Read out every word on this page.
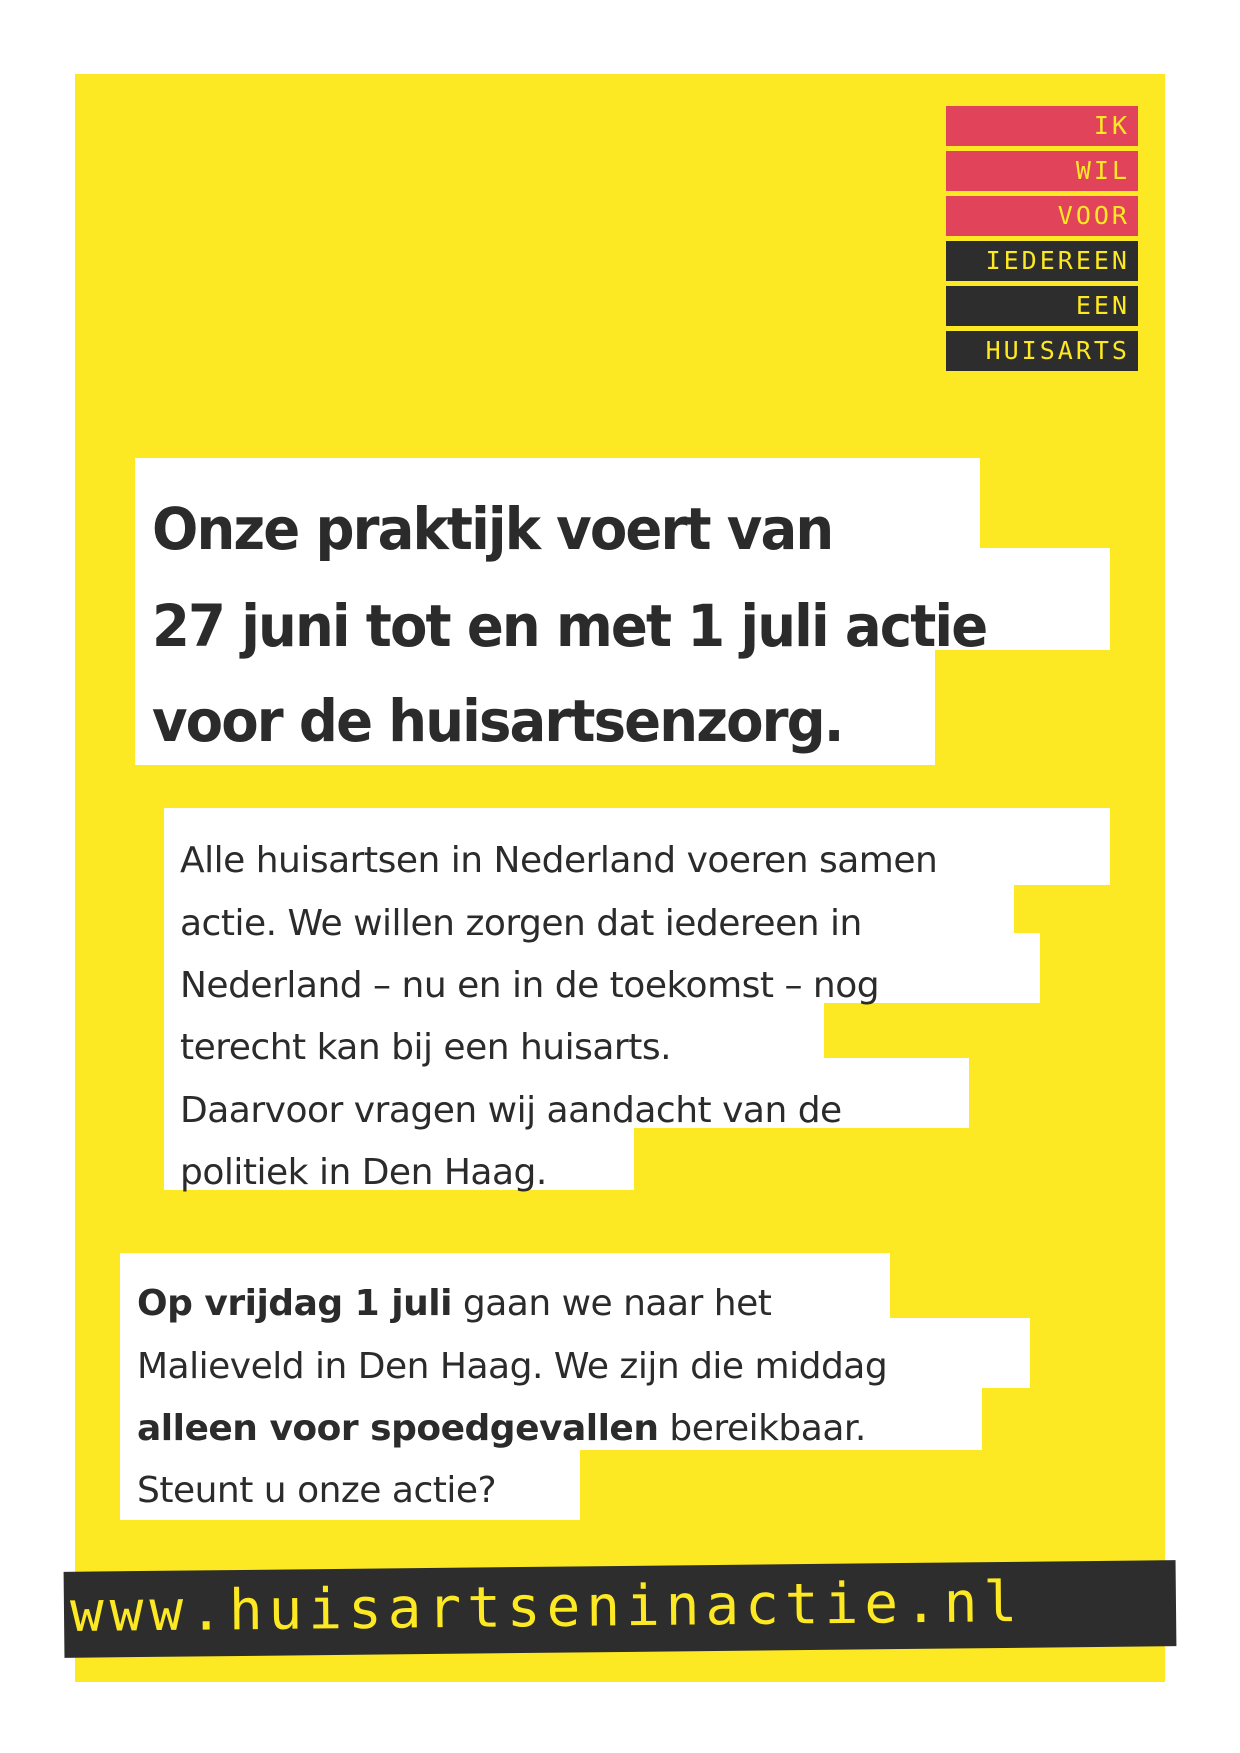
IK
WIL
VOOR
IEDEREEN
EEN
HUISARTS
Onze praktijk voert van
27 juni tot en met 1 juli actie
voor de huisartsenzorg.
Alle huisartsen in Nederland voeren samen
actie. We willen zorgen dat iedereen in
Nederland – nu en in de toekomst – nog
terecht kan bij een huisarts.
Daarvoor vragen wij aandacht van de
politiek in Den Haag.
Op vrijdag 1 juli gaan we naar het
Malieveld in Den Haag. We zijn die middag
alleen voor spoedgevallen bereikbaar.
Steunt u onze actie?
www.huisartseninactie.nl
